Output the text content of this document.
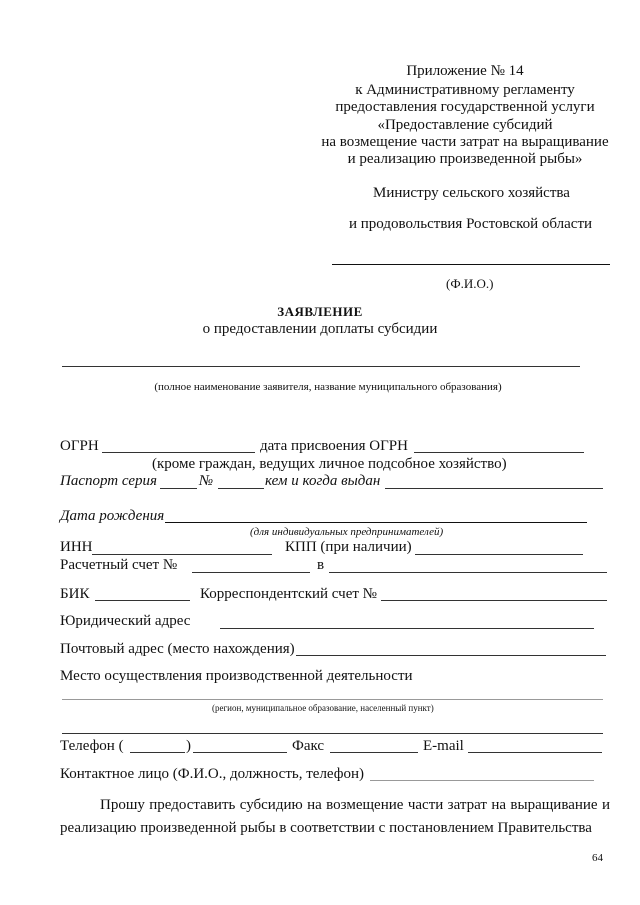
Приложение № 14
к Административному регламенту
предоставления государственной услуги
«Предоставление субсидий
на возмещение части затрат на выращивание
и реализацию произведенной рыбы»
Министру сельского хозяйства
и продовольствия Ростовской области
(Ф.И.О.)
ЗАЯВЛЕНИЕ
о предоставлении доплаты субсидии
(полное наименование заявителя, название муниципального образования)
ОГРН	дата присвоения ОГРН
(кроме граждан, ведущих личное подсобное хозяйство)
Паспорт серия	№	кем и когда выдан
Дата рождения
(для индивидуальных предпринимателей)
ИНН	КПП (при наличии)
Расчетный счет №	в
БИК	Корреспондентский счет №
Юридический адрес
Почтовый адрес (место нахождения)
Место осуществления производственной деятельности
(регион, муниципальное образование, населенный пункт)
Телефон (	)	Факс	E-mail
Контактное лицо (Ф.И.О., должность, телефон)
Прошу предоставить субсидию на возмещение части затрат на выращивание и реализацию произведенной рыбы в соответствии с постановлением Правительства
64
